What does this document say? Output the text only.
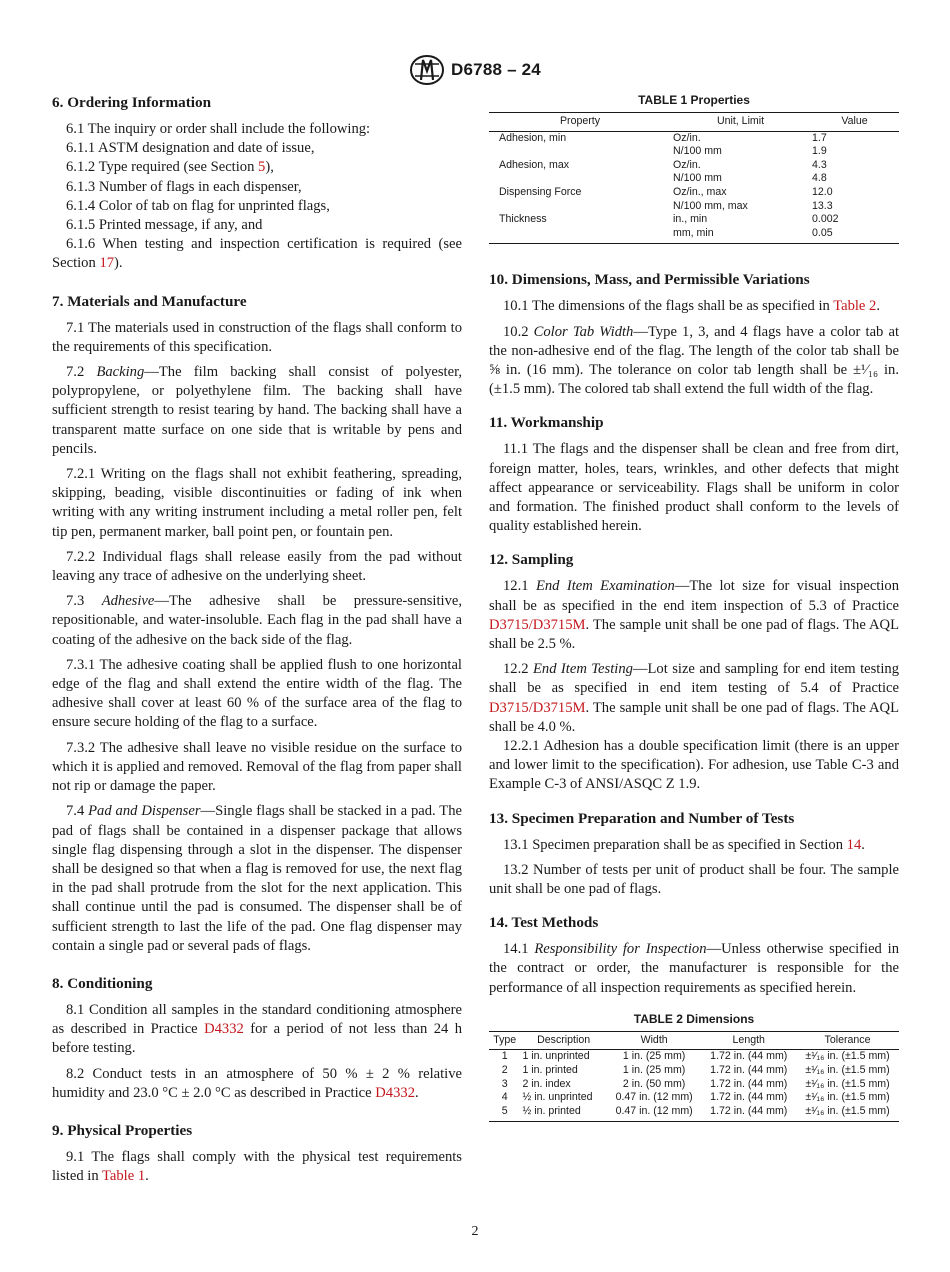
D6788 – 24
6. Ordering Information

6.1 The inquiry or order shall include the following:

6.1.1 ASTM designation and date of issue,

6.1.2 Type required (see Section 5),

6.1.3 Number of flags in each dispenser,

6.1.4 Color of tab on flag for unprinted flags,

6.1.5 Printed message, if any, and

6.1.6 When testing and inspection certification is required (see Section 17).

7. Materials and Manufacture

7.1 The materials used in construction of the flags shall conform to the requirements of this specification.

7.2 Backing—The film backing shall consist of polyester, polypropylene, or polyethylene film. The backing shall have sufficient strength to resist tearing by hand. The backing shall have a transparent matte surface on one side that is writable by pens and pencils.

7.2.1 Writing on the flags shall not exhibit feathering, spreading, skipping, beading, visible discontinuities or fading of ink when writing with any writing instrument including a metal roller pen, felt tip pen, permanent marker, ball point pen, or fountain pen.

7.2.2 Individual flags shall release easily from the pad without leaving any trace of adhesive on the underlying sheet.

7.3 Adhesive—The adhesive shall be pressure-sensitive, repositionable, and water-insoluble. Each flag in the pad shall have a coating of the adhesive on the back side of the flag.

7.3.1 The adhesive coating shall be applied flush to one horizontal edge of the flag and shall extend the entire width of the flag. The adhesive shall cover at least 60 % of the surface area of the flag to ensure secure holding of the flag to a surface.

7.3.2 The adhesive shall leave no visible residue on the surface to which it is applied and removed. Removal of the flag from paper shall not rip or damage the paper.

7.4 Pad and Dispenser—Single flags shall be stacked in a pad. The pad of flags shall be contained in a dispenser package that allows single flag dispensing through a slot in the dispenser. The dispenser shall be designed so that when a flag is removed for use, the next flag in the pad shall protrude from the slot for the next application. This shall continue until the pad is consumed. The dispenser shall be of sufficient strength to last the life of the pad. One flag dispenser may contain a single pad or several pads of flags.

8. Conditioning

8.1 Condition all samples in the standard conditioning atmosphere as described in Practice D4332 for a period of not less than 24 h before testing.

8.2 Conduct tests in an atmosphere of 50 % ± 2 % relative humidity and 23.0 °C ± 2.0 °C as described in Practice D4332.

9. Physical Properties

9.1 The flags shall comply with the physical test requirements listed in Table 1.

TABLE 1 Properties
Property	Unit, Limit	Value
Adhesion, min	Oz/in.	1.7
	N/100 mm	1.9
Adhesion, max	Oz/in.	4.3
	N/100 mm	4.8
Dispensing Force	Oz/in., max	12.0
	N/100 mm, max	13.3
Thickness	in., min	0.002
	mm, min	0.05
10. Dimensions, Mass, and Permissible Variations

10.1 The dimensions of the flags shall be as specified in Table 2.

10.2 Color Tab Width—Type 1, 3, and 4 flags have a color tab at the non-adhesive end of the flag. The length of the color tab shall be ⅝ in. (16 mm). The tolerance on color tab length shall be ±¹⁄₁₆ in. (±1.5 mm). The colored tab shall extend the full width of the flag.

11. Workmanship

11.1 The flags and the dispenser shall be clean and free from dirt, foreign matter, holes, tears, wrinkles, and other defects that might affect appearance or serviceability. Flags shall be uniform in color and formation. The finished product shall conform to the levels of quality established herein.

12. Sampling

12.1 End Item Examination—The lot size for visual inspection shall be as specified in the end item inspection of 5.3 of Practice D3715/D3715M. The sample unit shall be one pad of flags. The AQL shall be 2.5 %.

12.2 End Item Testing—Lot size and sampling for end item testing shall be as specified in end item testing of 5.4 of Practice D3715/D3715M. The sample unit shall be one pad of flags. The AQL shall be 4.0 %.

12.2.1 Adhesion has a double specification limit (there is an upper and lower limit to the specification). For adhesion, use Table C-3 and Example C-3 of ANSI/ASQC Z 1.9.

13. Specimen Preparation and Number of Tests

13.1 Specimen preparation shall be as specified in Section 14.

13.2 Number of tests per unit of product shall be four. The sample unit shall be one pad of flags.

14. Test Methods

14.1 Responsibility for Inspection—Unless otherwise specified in the contract or order, the manufacturer is responsible for the performance of all inspection requirements as specified herein.

TABLE 2 Dimensions
Type	Description	Width	Length	Tolerance
1	1 in. unprinted	1 in. (25 mm)	1.72 in. (44 mm)	±¹⁄₁₆ in. (±1.5 mm)
2	1 in. printed	1 in. (25 mm)	1.72 in. (44 mm)	±¹⁄₁₆ in. (±1.5 mm)
3	2 in. index	2 in. (50 mm)	1.72 in. (44 mm)	±¹⁄₁₆ in. (±1.5 mm)
4	½ in. unprinted	0.47 in. (12 mm)	1.72 in. (44 mm)	±¹⁄₁₆ in. (±1.5 mm)
5	½ in. printed	0.47 in. (12 mm)	1.72 in. (44 mm)	±¹⁄₁₆ in. (±1.5 mm)
2
